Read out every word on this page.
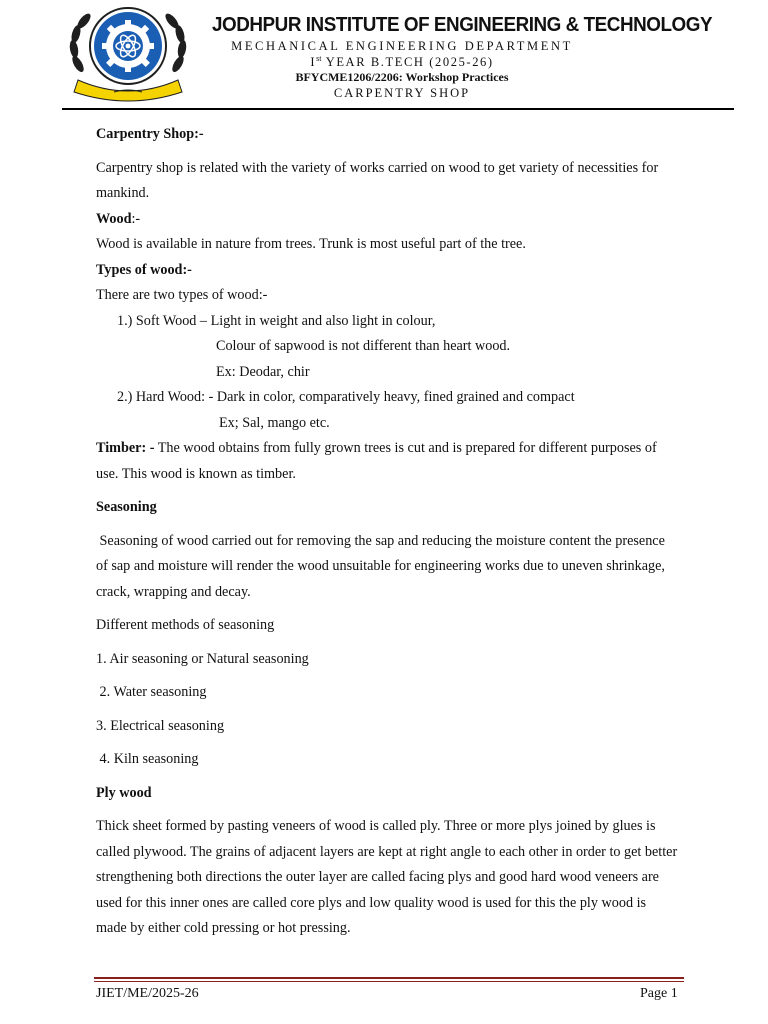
JODHPUR INSTITUTE OF ENGINEERING & TECHNOLOGY
MECHANICAL ENGINEERING DEPARTMENT
Ist YEAR B.TECH (2025-26)
BFYCME1206/2206: Workshop Practices
CARPENTRY SHOP

Carpentry Shop:-

Carpentry shop is related with the variety of works carried on wood to get variety of necessities for

mankind.

Wood:-

Wood is available in nature from trees. Trunk is most useful part of the tree.

Types of wood:-

There are two types of wood:-

1.) Soft Wood – Light in weight and also light in colour,

Colour of sapwood is not different than heart wood.

Ex: Deodar, chir

2.) Hard Wood: - Dark in color, comparatively heavy, fined grained and compact

Ex; Sal, mango etc.

Timber: - The wood obtains from fully grown trees is cut and is prepared for different purposes of

use. This wood is known as timber.

Seasoning

Seasoning of wood carried out for removing the sap and reducing the moisture content the presence

of sap and moisture will render the wood unsuitable for engineering works due to uneven shrinkage,

crack, wrapping and decay.

Different methods of seasoning

1. Air seasoning or Natural seasoning

2. Water seasoning

3. Electrical seasoning

4. Kiln seasoning

Ply wood

Thick sheet formed by pasting veneers of wood is called ply. Three or more plys joined by glues is

called plywood. The grains of adjacent layers are kept at right angle to each other in order to get better

strengthening both directions the outer layer are called facing plys and good hard wood veneers are

used for this inner ones are called core plys and low quality wood is used for this the ply wood is

made by either cold pressing or hot pressing.

JIET/ME/2025-26	Page 1
